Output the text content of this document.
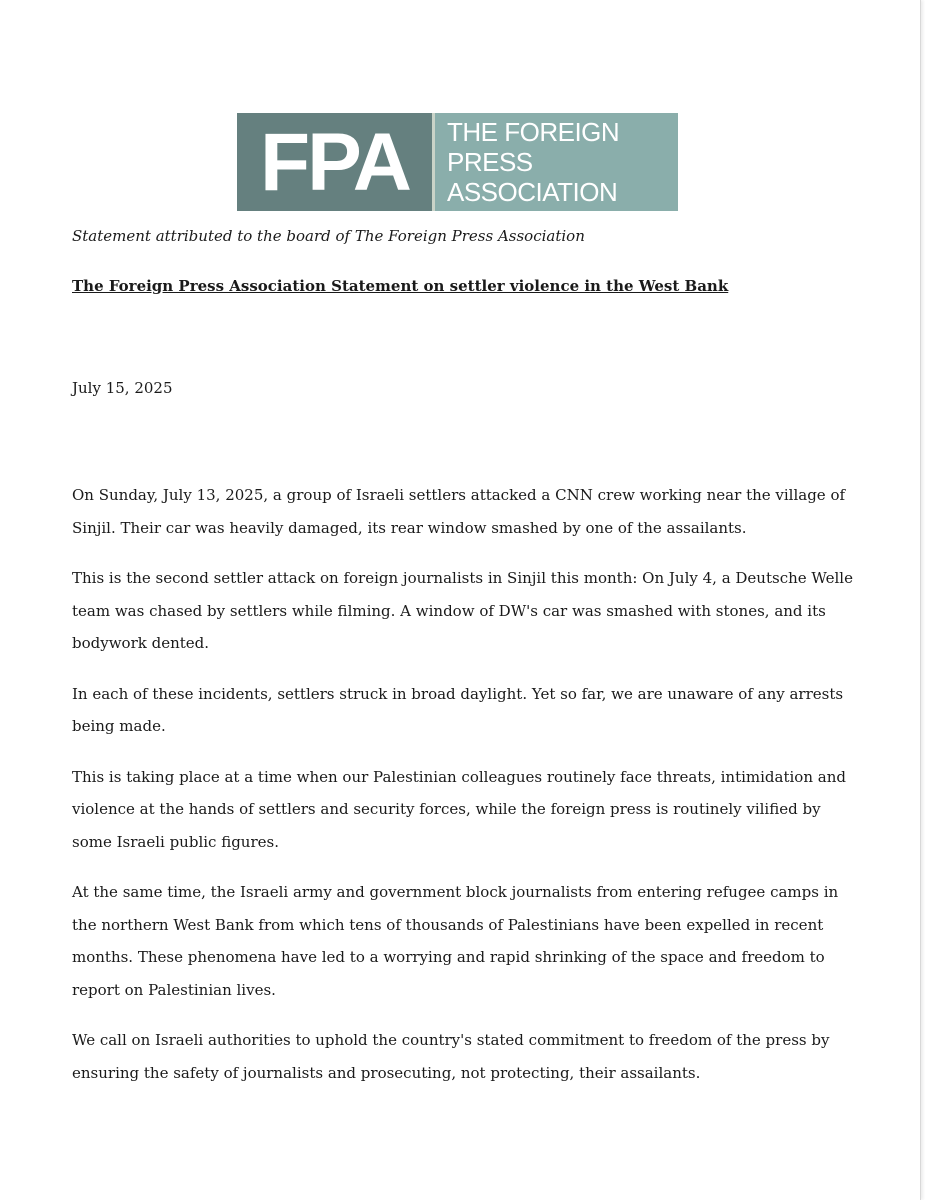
FPA THE FOREIGN PRESS
ASSOCIATION
Statement attributed to the board of The Foreign Press Association
The Foreign Press Association Statement on settler violence in the West Bank
July 15, 2025

On Sunday, July 13, 2025, a group of Israeli settlers attacked a CNN crew working near the village of Sinjil. Their car was heavily damaged, its rear window smashed by one of the assailants.

This is the second settler attack on foreign journalists in Sinjil this month: On July 4, a Deutsche Welle team was chased by settlers while filming. A window of DW's car was smashed with stones, and its bodywork dented.

In each of these incidents, settlers struck in broad daylight. Yet so far, we are unaware of any arrests being made.

This is taking place at a time when our Palestinian colleagues routinely face threats, intimidation and violence at the hands of settlers and security forces, while the foreign press is routinely vilified by some Israeli public figures.

At the same time, the Israeli army and government block journalists from entering refugee camps in the northern West Bank from which tens of thousands of Palestinians have been expelled in recent months. These phenomena have led to a worrying and rapid shrinking of the space and freedom to report on Palestinian lives.

We call on Israeli authorities to uphold the country's stated commitment to freedom of the press by ensuring the safety of journalists and prosecuting, not protecting, their assailants.
